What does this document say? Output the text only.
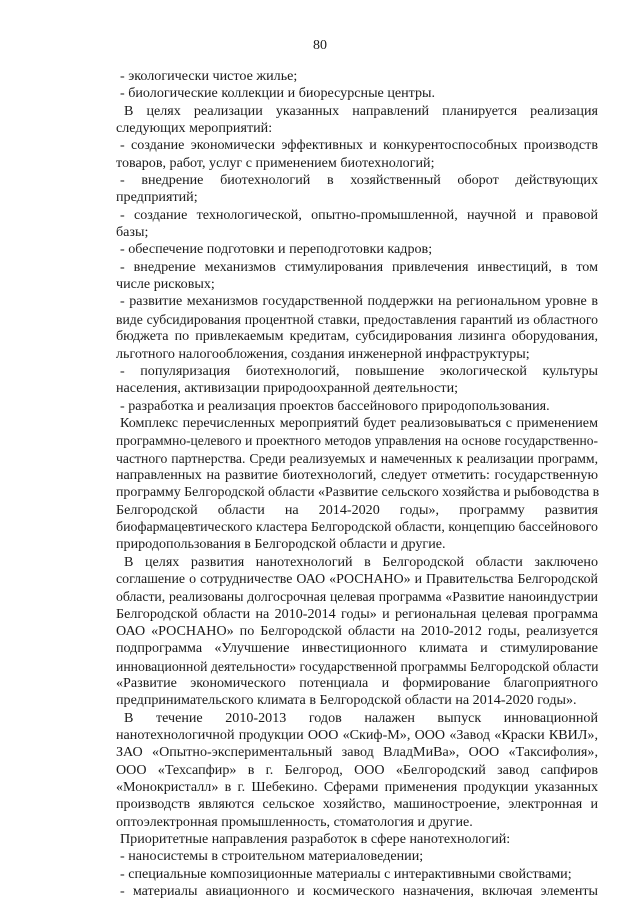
80
- экологически чистое жилье;
- биологические коллекции и биоресурсные центры.
В целях реализации указанных направлений планируется реализация
следующих мероприятий:
- создание экономически эффективных и конкурентоспособных производств
товаров, работ, услуг с применением биотехнологий;
- внедрение биотехнологий в хозяйственный оборот действующих
предприятий;
- создание технологической, опытно-промышленной, научной и правовой
базы;
- обеспечение подготовки и переподготовки кадров;
- внедрение механизмов стимулирования привлечения инвестиций, в том
числе рисковых;
- развитие механизмов государственной поддержки на региональном уровне в
виде субсидирования процентной ставки, предоставления гарантий из областного
бюджета по привлекаемым кредитам, субсидирования лизинга оборудования,
льготного налогообложения, создания инженерной инфраструктуры;
- популяризация биотехнологий, повышение экологической культуры
населения, активизации природоохранной деятельности;
- разработка и реализация проектов бассейнового природопользования.
Комплекс перечисленных мероприятий будет реализовываться с применением
программно-целевого и проектного методов управления на основе государственно-
частного партнерства. Среди реализуемых и намеченных к реализации программ,
направленных на развитие биотехнологий, следует отметить: государственную
программу Белгородской области «Развитие сельского хозяйства и рыбоводства в
Белгородской области на 2014-2020 годы», программу развития
биофармацевтического кластера Белгородской области, концепцию бассейнового
природопользования в Белгородской области и другие.
В целях развития нанотехнологий в Белгородской области заключено
соглашение о сотрудничестве ОАО «РОСНАНО» и Правительства Белгородской
области, реализованы долгосрочная целевая программа «Развитие наноиндустрии
Белгородской области на 2010-2014 годы» и региональная целевая программа
ОАО «РОСНАНО» по Белгородской области на 2010-2012 годы, реализуется
подпрограмма «Улучшение инвестиционного климата и стимулирование
инновационной деятельности» государственной программы Белгородской области
«Развитие экономического потенциала и формирование благоприятного
предпринимательского климата в Белгородской области на 2014-2020 годы».
В течение 2010-2013 годов налажен выпуск инновационной
нанотехнологичной продукции ООО «Скиф-М», ООО «Завод «Краски КВИЛ»,
ЗАО «Опытно-экспериментальный завод ВладМиВа», ООО «Таксифолия»,
ООО «Техсапфир» в г. Белгород, ООО «Белгородский завод сапфиров
«Монокристалл» в г. Шебекино. Сферами применения продукции указанных
производств являются сельское хозяйство, машиностроение, электронная и
оптоэлектронная промышленность, стоматология и другие.
Приоритетные направления разработок в сфере нанотехнологий:
- наносистемы в строительном материаловедении;
- специальные композиционные материалы с интерактивными свойствами;
- материалы авиационного и космического назначения, включая элементы
